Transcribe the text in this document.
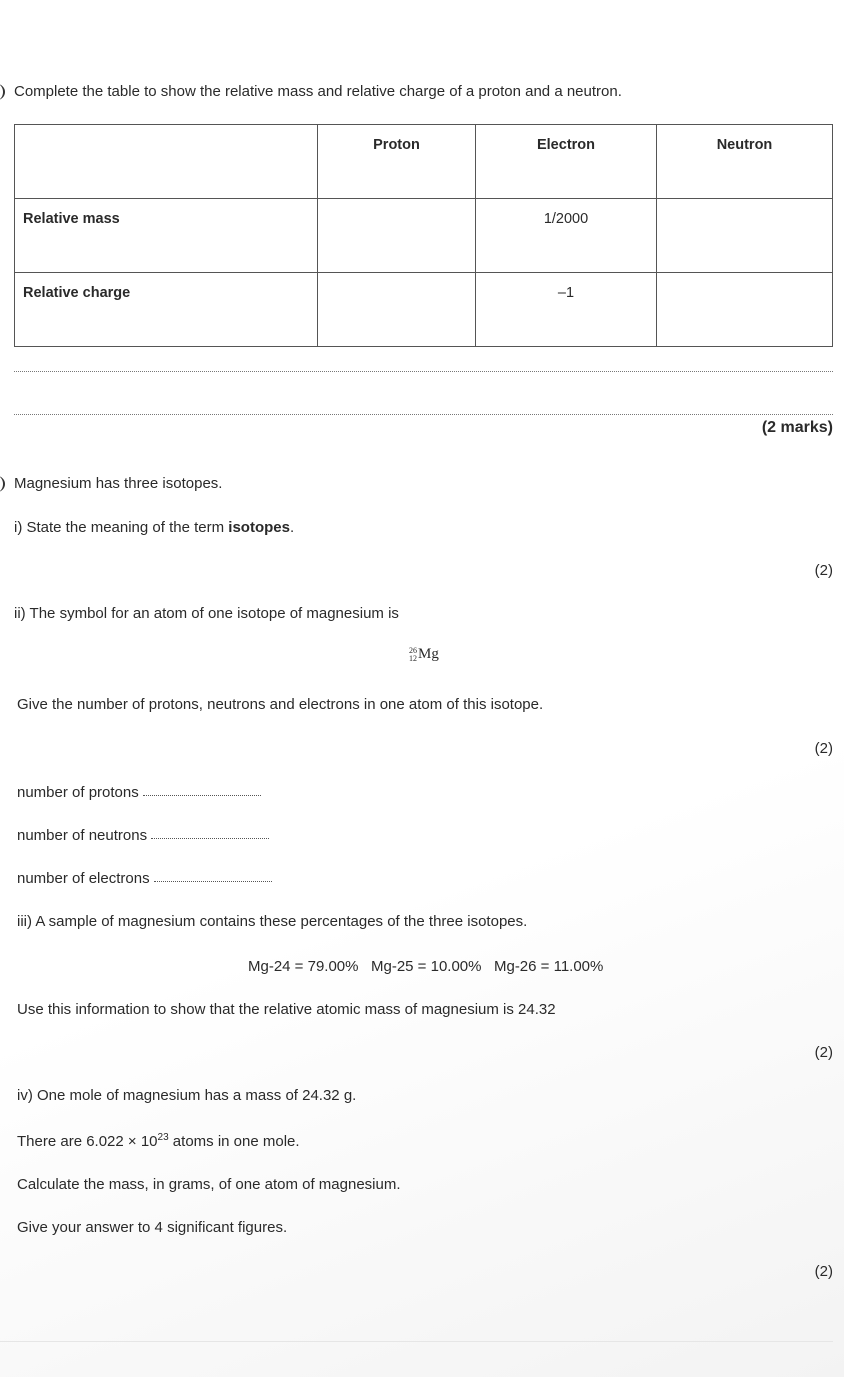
Complete the table to show the relative mass and relative charge of a proton and a neutron.
	Proton	Electron	Neutron
Relative mass		1/2000	
Relative charge		–1	
(2 marks)
Magnesium has three isotopes.
i) State the meaning of the term isotopes.
(2)
ii) The symbol for an atom of one isotope of magnesium is
26
12 Mg
Give the number of protons, neutrons and electrons in one atom of this isotope.
(2)
number of protons
number of neutrons
number of electrons
iii) A sample of magnesium contains these percentages of the three isotopes.
Mg-24 = 79.00%   Mg-25 = 10.00%   Mg-26 = 11.00%
Use this information to show that the relative atomic mass of magnesium is 24.32
(2)
iv) One mole of magnesium has a mass of 24.32 g.
There are $6.022 \times 10^{23}$ atoms in one mole.
Calculate the mass, in grams, of one atom of magnesium.
Give your answer to 4 significant figures.
(2)
